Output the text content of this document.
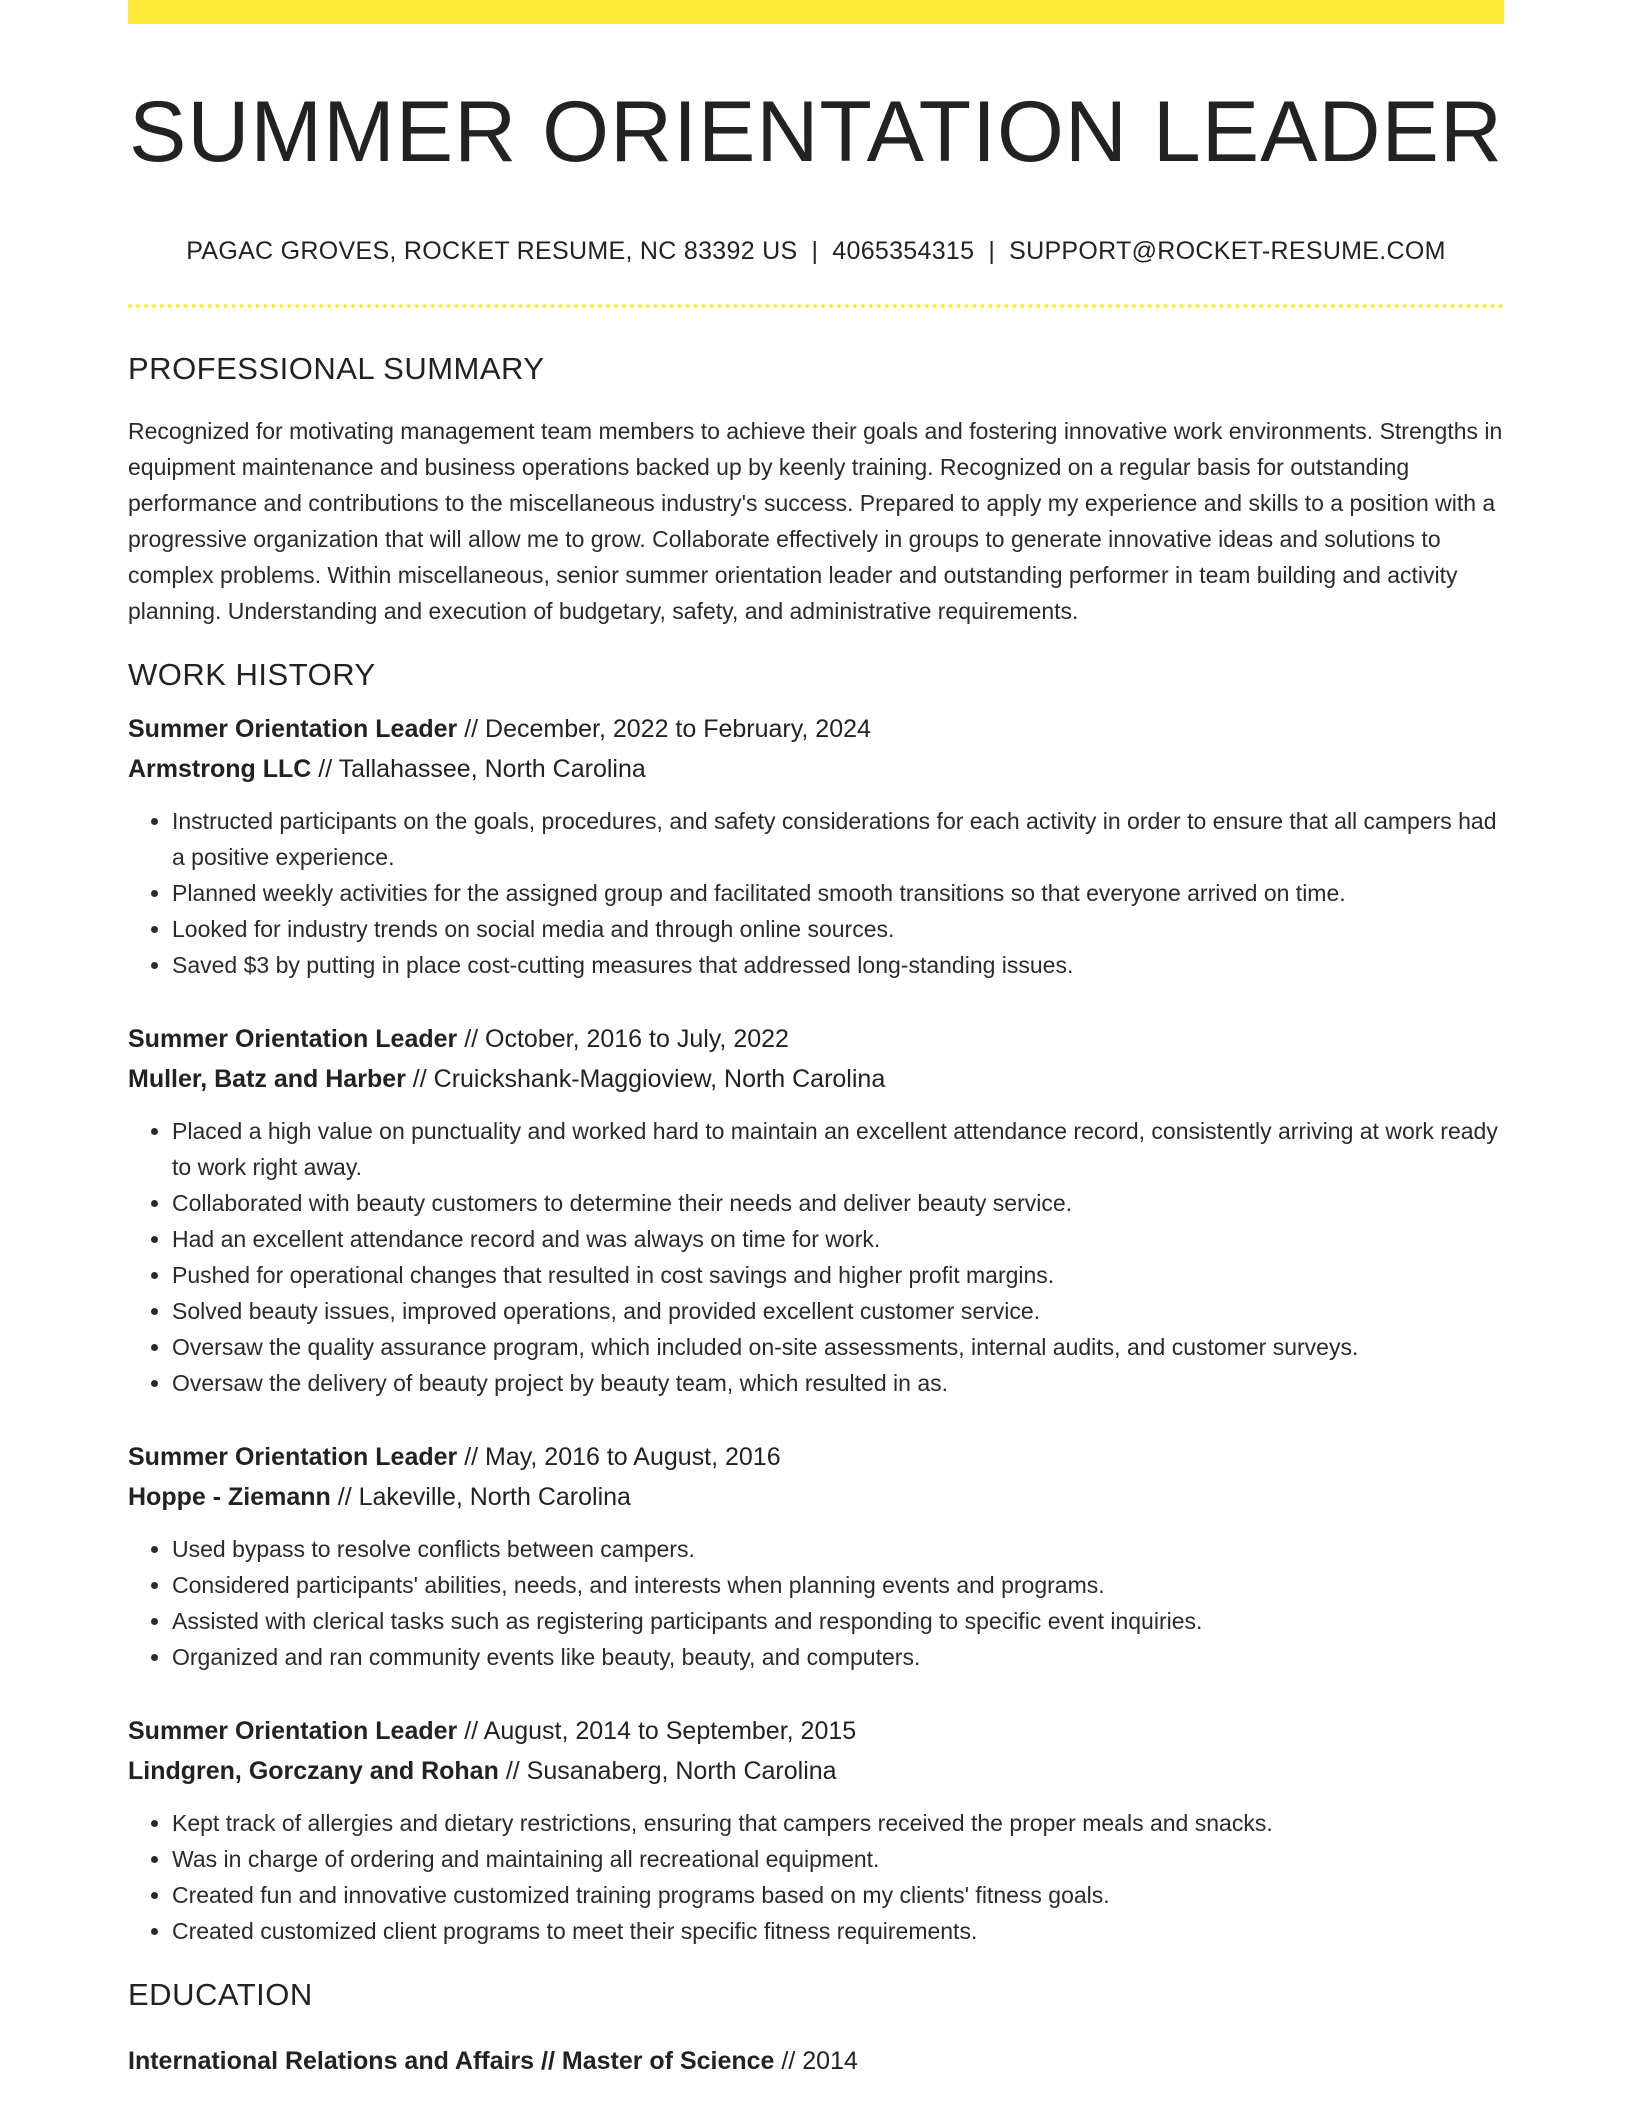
SUMMER ORIENTATION LEADER
PAGAC GROVES, ROCKET RESUME, NC 83392 US | 4065354315 | SUPPORT@ROCKET-RESUME.COM
PROFESSIONAL SUMMARY

Recognized for motivating management team members to achieve their goals and fostering innovative work environments. Strengths in equipment maintenance and business operations backed up by keenly training. Recognized on a regular basis for outstanding performance and contributions to the miscellaneous industry's success. Prepared to apply my experience and skills to a position with a progressive organization that will allow me to grow. Collaborate effectively in groups to generate innovative ideas and solutions to complex problems. Within miscellaneous, senior summer orientation leader and outstanding performer in team building and activity planning. Understanding and execution of budgetary, safety, and administrative requirements.

WORK HISTORY
Summer Orientation Leader // December, 2022 to February, 2024
Armstrong LLC // Tallahassee, North Carolina
• Instructed participants on the goals, procedures, and safety considerations for each activity in order to ensure that all campers had a positive experience.
• Planned weekly activities for the assigned group and facilitated smooth transitions so that everyone arrived on time.
• Looked for industry trends on social media and through online sources.
• Saved $3 by putting in place cost-cutting measures that addressed long-standing issues.
Summer Orientation Leader // October, 2016 to July, 2022
Muller, Batz and Harber // Cruickshank-Maggioview, North Carolina
• Placed a high value on punctuality and worked hard to maintain an excellent attendance record, consistently arriving at work ready to work right away.
• Collaborated with beauty customers to determine their needs and deliver beauty service.
• Had an excellent attendance record and was always on time for work.
• Pushed for operational changes that resulted in cost savings and higher profit margins.
• Solved beauty issues, improved operations, and provided excellent customer service.
• Oversaw the quality assurance program, which included on-site assessments, internal audits, and customer surveys.
• Oversaw the delivery of beauty project by beauty team, which resulted in as.
Summer Orientation Leader // May, 2016 to August, 2016
Hoppe - Ziemann // Lakeville, North Carolina
• Used bypass to resolve conflicts between campers.
• Considered participants' abilities, needs, and interests when planning events and programs.
• Assisted with clerical tasks such as registering participants and responding to specific event inquiries.
• Organized and ran community events like beauty, beauty, and computers.
Summer Orientation Leader // August, 2014 to September, 2015
Lindgren, Gorczany and Rohan // Susanaberg, North Carolina
• Kept track of allergies and dietary restrictions, ensuring that campers received the proper meals and snacks.
• Was in charge of ordering and maintaining all recreational equipment.
• Created fun and innovative customized training programs based on my clients' fitness goals.
• Created customized client programs to meet their specific fitness requirements.
EDUCATION
International Relations and Affairs // Master of Science // 2014
